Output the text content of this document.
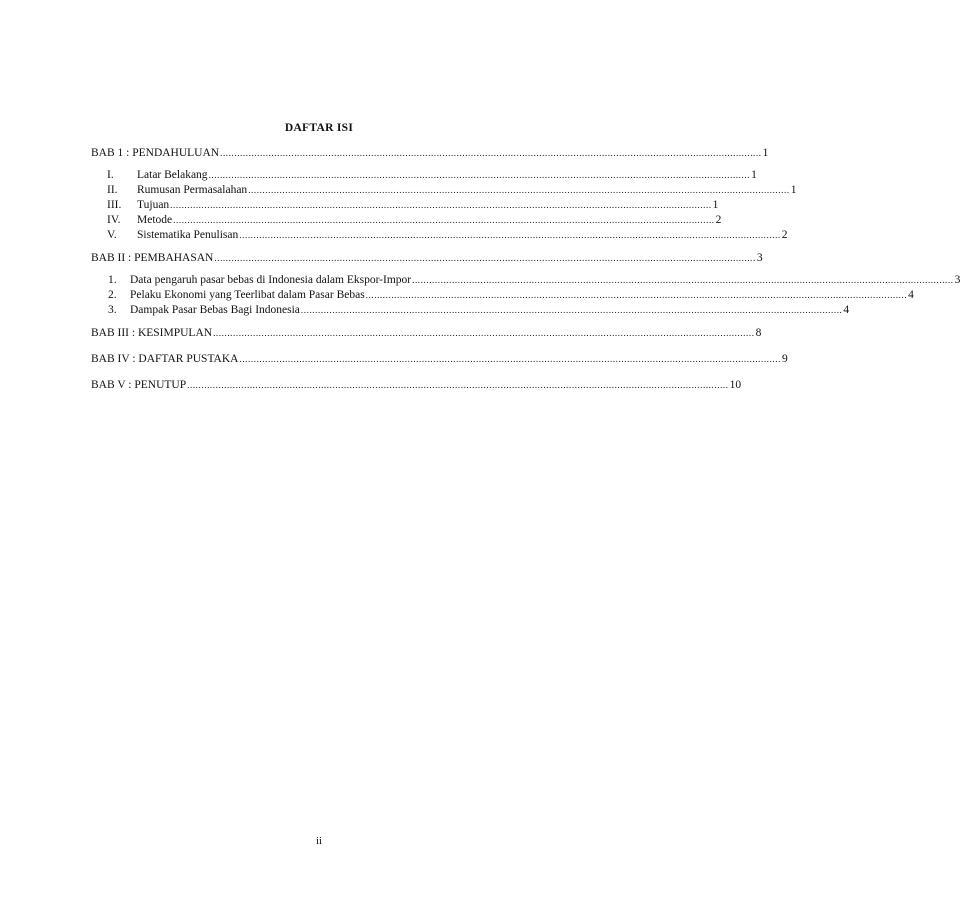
DAFTAR ISI
BAB 1 : PENDAHULUAN .............................................................................................................................................................................................. 1
I.	Latar Belakang .............................................................................................................................................................................................. 1
II.	Rumusan Permasalahan .............................................................................................................................................................................................. 1
III.	Tujuan .............................................................................................................................................................................................. 1
IV.	Metode .............................................................................................................................................................................................. 2
V.	Sistematika Penulisan .............................................................................................................................................................................................. 2
BAB II : PEMBAHASAN .............................................................................................................................................................................................. 3
1.	Data pengaruh pasar bebas di Indonesia dalam Ekspor-Impor .............................................................................................................................................................................................. 3
2.	Pelaku Ekonomi yang Teerlibat dalam Pasar Bebas .............................................................................................................................................................................................. 4
3.	Dampak Pasar Bebas Bagi Indonesia .............................................................................................................................................................................................. 4
BAB III : KESIMPULAN .............................................................................................................................................................................................. 8
BAB IV : DAFTAR PUSTAKA .............................................................................................................................................................................................. 9
BAB V : PENUTUP .............................................................................................................................................................................................. 10
ii
